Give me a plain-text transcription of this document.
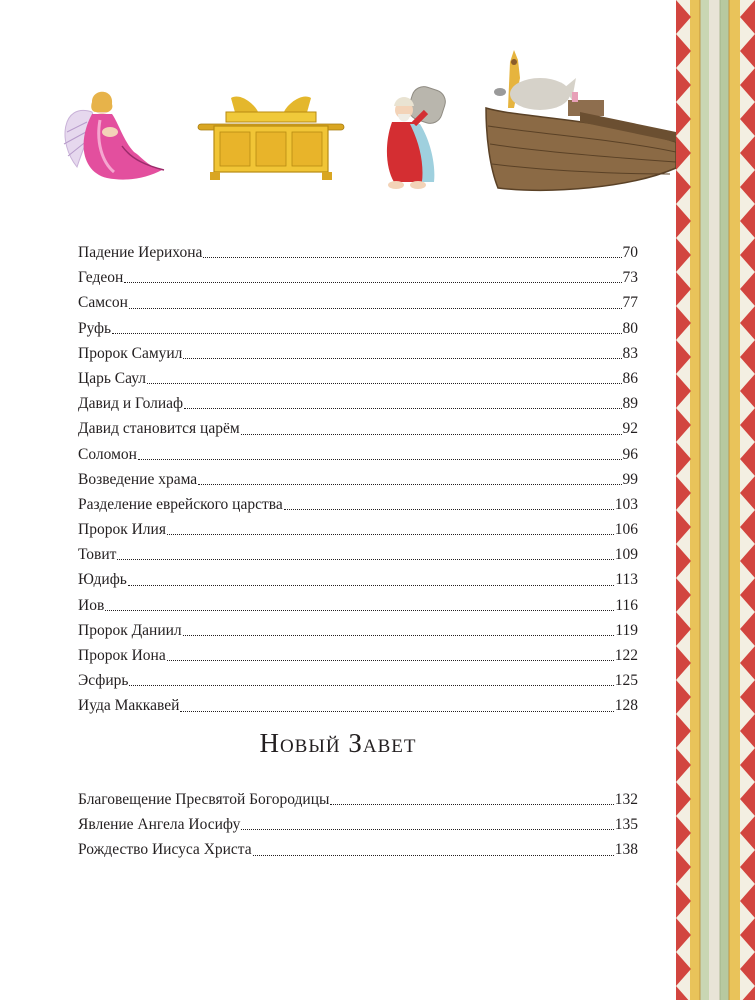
Падение Иерихона	70
Гедеон	73
Самсон	77
Руфь	80
Пророк Самуил	83
Царь Саул	86
Давид и Голиаф	89
Давид становится царём	92
Соломон	96
Возведение храма	99
Разделение еврейского царства	103
Пророк Илия	106
Товит	109
Юдифь	113
Иов	116
Пророк Даниил	119
Пророк Иона	122
Эсфирь	125
Иуда Маккавей	128
Новый Завет
Благовещение Пресвятой Богородицы	132
Явление Ангела Иосифу	135
Рождество Иисуса Христа	138
